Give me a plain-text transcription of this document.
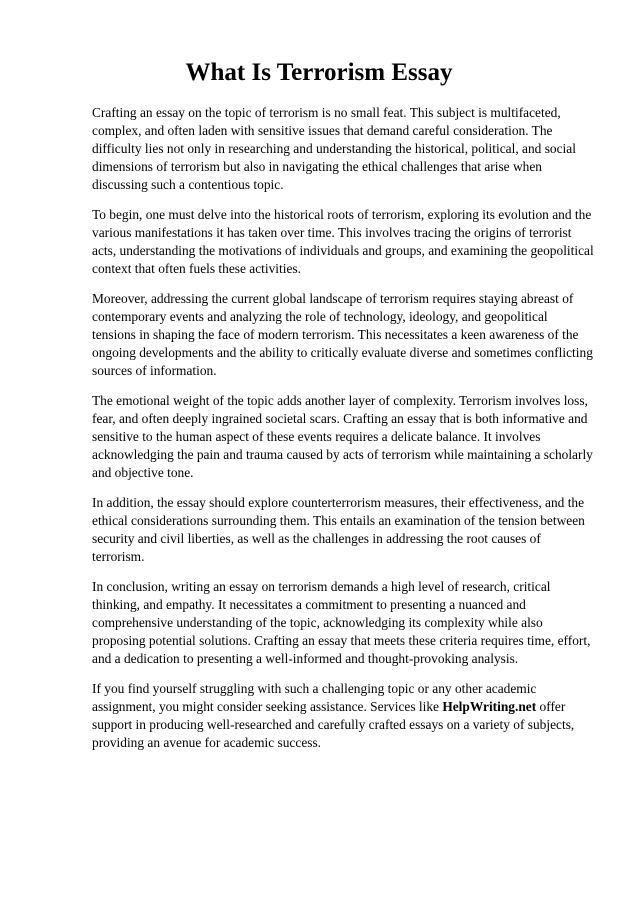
What Is Terrorism Essay

Crafting an essay on the topic of terrorism is no small feat. This subject is multifaceted, complex, and often laden with sensitive issues that demand careful consideration. The difficulty lies not only in researching and understanding the historical, political, and social dimensions of terrorism but also in navigating the ethical challenges that arise when discussing such a contentious topic.

To begin, one must delve into the historical roots of terrorism, exploring its evolution and the various manifestations it has taken over time. This involves tracing the origins of terrorist acts, understanding the motivations of individuals and groups, and examining the geopolitical context that often fuels these activities.

Moreover, addressing the current global landscape of terrorism requires staying abreast of contemporary events and analyzing the role of technology, ideology, and geopolitical tensions in shaping the face of modern terrorism. This necessitates a keen awareness of the ongoing developments and the ability to critically evaluate diverse and sometimes conflicting sources of information.

The emotional weight of the topic adds another layer of complexity. Terrorism involves loss, fear, and often deeply ingrained societal scars. Crafting an essay that is both informative and sensitive to the human aspect of these events requires a delicate balance. It involves acknowledging the pain and trauma caused by acts of terrorism while maintaining a scholarly and objective tone.

In addition, the essay should explore counterterrorism measures, their effectiveness, and the ethical considerations surrounding them. This entails an examination of the tension between security and civil liberties, as well as the challenges in addressing the root causes of terrorism.

In conclusion, writing an essay on terrorism demands a high level of research, critical thinking, and empathy. It necessitates a commitment to presenting a nuanced and comprehensive understanding of the topic, acknowledging its complexity while also proposing potential solutions. Crafting an essay that meets these criteria requires time, effort, and a dedication to presenting a well-informed and thought-provoking analysis.

If you find yourself struggling with such a challenging topic or any other academic assignment, you might consider seeking assistance. Services like HelpWriting.net offer support in producing well-researched and carefully crafted essays on a variety of subjects, providing an avenue for academic success.
